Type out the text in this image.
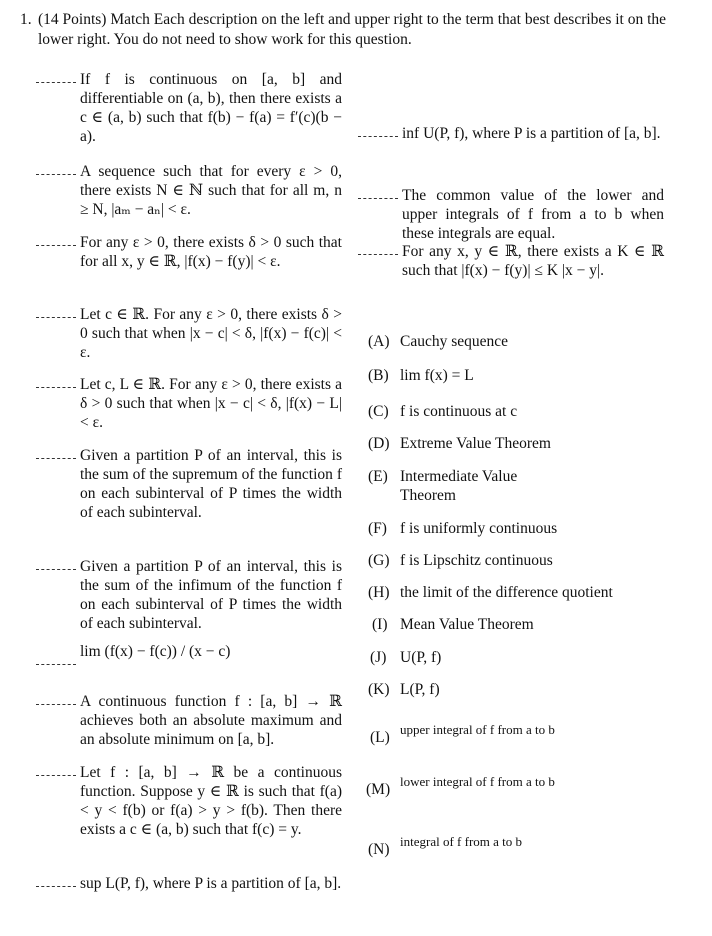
1. (14 Points) Match Each description on the left and upper right to the term that best describes it on the lower right. You do not need to show work for this question.
If f is continuous on [a, b] and differentiable on (a, b), then there exists a c ∈ (a, b) such that f(b) − f(a) = f′(c)(b − a).
A sequence such that for every ε > 0, there exists N ∈ ℕ such that for all m, n ≥ N, |aₘ − aₙ| < ε.
For any ε > 0, there exists δ > 0 such that for all x, y ∈ ℝ, |f(x) − f(y)| < ε.
Let c ∈ ℝ. For any ε > 0, there exists δ > 0 such that when |x − c| < δ, |f(x) − f(c)| < ε.
Let c, L ∈ ℝ. For any ε > 0, there exists a δ > 0 such that when |x − c| < δ, |f(x) − L| < ε.
Given a partition P of an interval, this is the sum of the supremum of the function f on each subinterval of P times the width of each subinterval.
Given a partition P of an interval, this is the sum of the infimum of the function f on each subinterval of P times the width of each subinterval.
lim (f(x) − f(c)) / (x − c)
A continuous function f : [a, b] → ℝ achieves both an absolute maximum and an absolute minimum on [a, b].
Let f : [a, b] → ℝ be a continuous function. Suppose y ∈ ℝ is such that f(a) < y < f(b) or f(a) > y > f(b). Then there exists a c ∈ (a, b) such that f(c) = y.
sup L(P, f), where P is a partition of [a, b].
inf U(P, f), where P is a partition of [a, b].
The common value of the lower and upper integrals of f from a to b when these integrals are equal.
For any x, y ∈ ℝ, there exists a K ∈ ℝ such that |f(x) − f(y)| ≤ K |x − y|.
(A) Cauchy sequence
(B) lim f(x) = L
(C) f is continuous at c
(D) Extreme Value Theorem
(E) Intermediate Value Theorem
(F) f is uniformly continuous
(G) f is Lipschitz continuous
(H) the limit of the difference quotient
(I) Mean Value Theorem
(J) U(P, f)
(K) L(P, f)
(L) upper integral of f from a to b
(M) lower integral of f from a to b
(N) integral of f from a to b
